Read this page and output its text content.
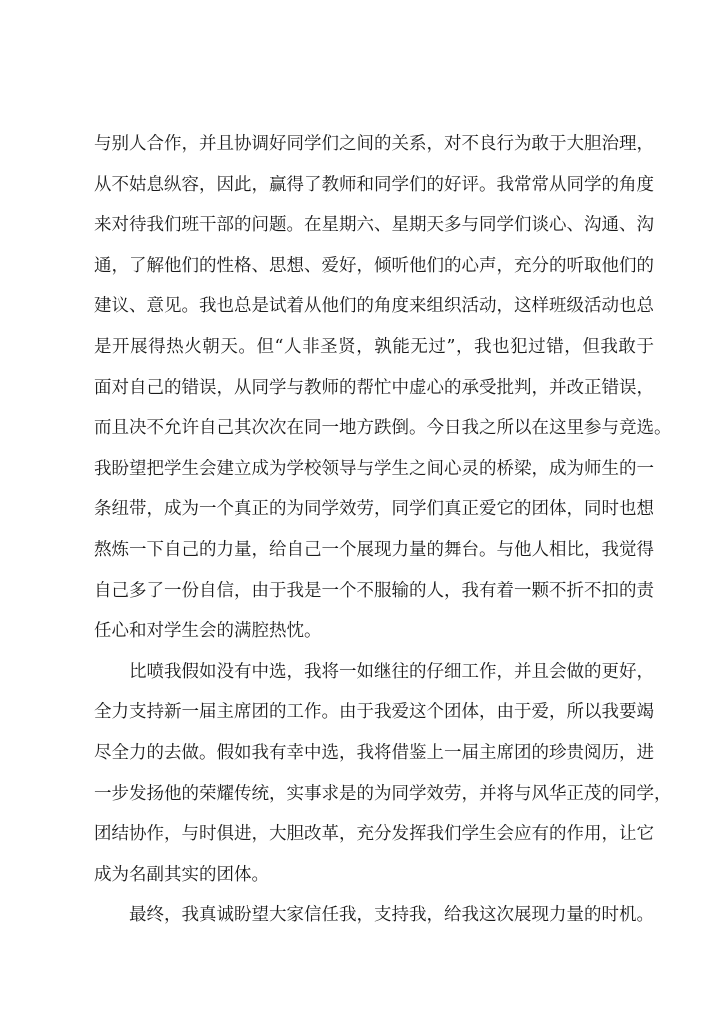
与别人合作，并且协调好同学们之间的关系，对不良行为敢于大胆治理，
从不姑息纵容，因此，赢得了教师和同学们的好评。我常常从同学的角度
来对待我们班干部的问题。在星期六、星期天多与同学们谈心、沟通、沟
通，了解他们的性格、思想、爱好，倾听他们的心声，充分的听取他们的
建议、意见。我也总是试着从他们的角度来组织活动，这样班级活动也总
是开展得热火朝天。但“人非圣贤，孰能无过”，我也犯过错，但我敢于
面对自己的错误，从同学与教师的帮忙中虚心的承受批判，并改正错误，
而且决不允许自己其次次在同一地方跌倒。今日我之所以在这里参与竞选。
我盼望把学生会建立成为学校领导与学生之间心灵的桥梁，成为师生的一
条纽带，成为一个真正的为同学效劳，同学们真正爱它的团体，同时也想
熬炼一下自己的力量，给自己一个展现力量的舞台。与他人相比，我觉得
自己多了一份自信，由于我是一个不服输的人，我有着一颗不折不扣的责
任心和对学生会的满腔热忱。
比喷我假如没有中选，我将一如继往的仔细工作，并且会做的更好，
全力支持新一届主席团的工作。由于我爱这个团体，由于爱，所以我要竭
尽全力的去做。假如我有幸中选，我将借鉴上一届主席团的珍贵阅历，进
一步发扬他的荣耀传统，实事求是的为同学效劳，并将与风华正茂的同学，
团结协作，与时俱进，大胆改革，充分发挥我们学生会应有的作用，让它
成为名副其实的团体。
最终，我真诚盼望大家信任我，支持我，给我这次展现力量的时机。
